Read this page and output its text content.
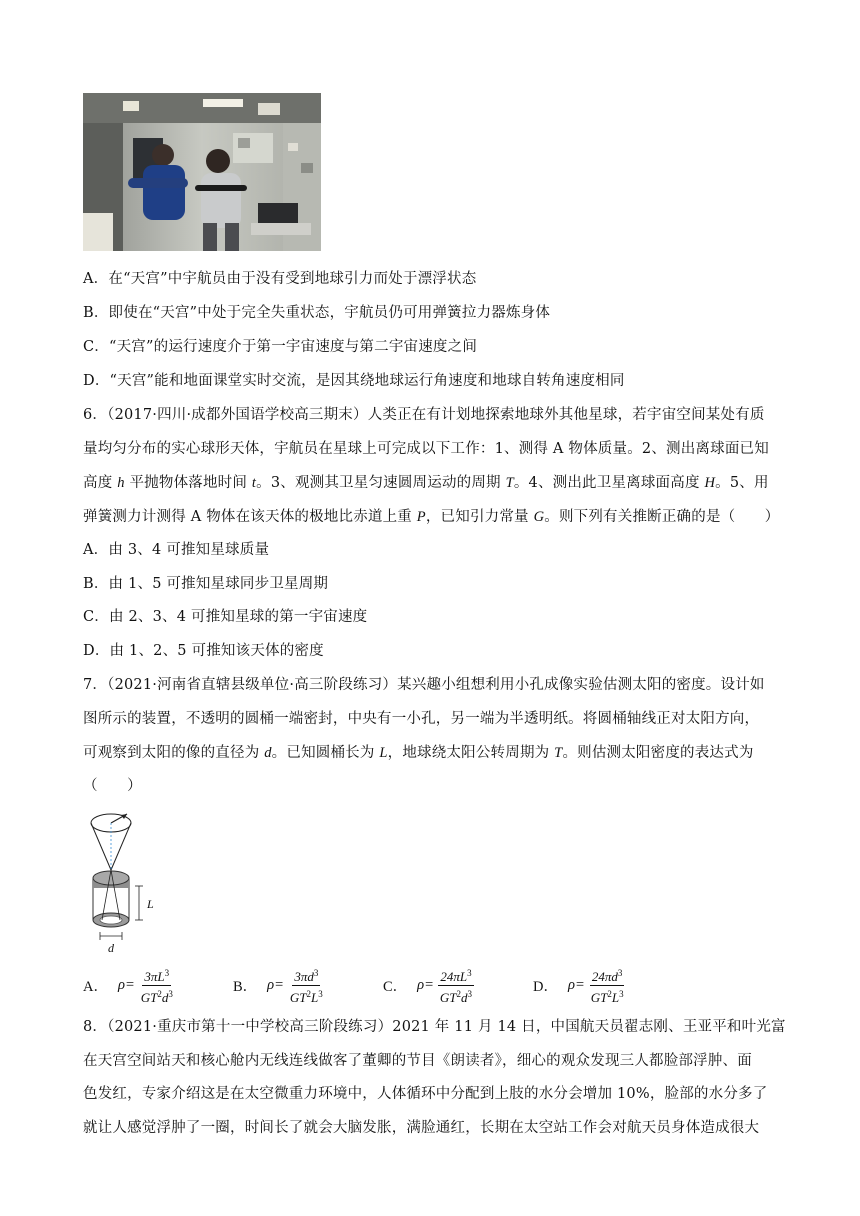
A．在“天宫”中宇航员由于没有受到地球引力而处于漂浮状态
B．即使在“天宫”中处于完全失重状态，宇航员仍可用弹簧拉力器炼身体
C．“天宫”的运行速度介于第一宇宙速度与第二宇宙速度之间
D．“天宫”能和地面课堂实时交流，是因其绕地球运行角速度和地球自转角速度相同
6．（2017·四川·成都外国语学校高三期末）人类正在有计划地探索地球外其他星球，若宇宙空间某处有质
量均匀分布的实心球形天体，宇航员在星球上可完成以下工作：1、测得 A 物体质量。2、测出离球面已知
高度 h 平抛物体落地时间 t。3、观测其卫星匀速圆周运动的周期 T。4、测出此卫星离球面高度 H。5、用
弹簧测力计测得 A 物体在该天体的极地比赤道上重 P，已知引力常量 G。则下列有关推断正确的是（　　）
A．由 3、4 可推知星球质量
B．由 1、5 可推知星球同步卫星周期
C．由 2、3、4 可推知星球的第一宇宙速度
D．由 1、2、5 可推知该天体的密度
7．（2021·河南省直辖县级单位·高三阶段练习）某兴趣小组想利用小孔成像实验估测太阳的密度。设计如
图所示的装置，不透明的圆桶一端密封，中央有一小孔，另一端为半透明纸。将圆桶轴线正对太阳方向，
可观察到太阳的像的直径为 d。已知圆桶长为 L，地球绕太阳公转周期为 T。则估测太阳密度的表达式为
（　　）
L
d
A． $\rho= \frac{3\pi L^3}{GT^2d^3}$	B． $\rho= \frac{3\pi d^3}{GT^2L^3}$	C． $\rho= \frac{24\pi L^3}{GT^2d^3}$	D． $\rho= \frac{24\pi d^3}{GT^2L^3}$
8．（2021·重庆市第十一中学校高三阶段练习）2021 年 11 月 14 日，中国航天员翟志刚、王亚平和叶光富
在天宫空间站天和核心舱内无线连线做客了董卿的节目《朗读者》，细心的观众发现三人都脸部浮肿、面
色发红，专家介绍这是在太空微重力环境中，人体循环中分配到上肢的水分会增加 10%，脸部的水分多了
就让人感觉浮肿了一圈，时间长了就会大脑发胀，满脸通红，长期在太空站工作会对航天员身体造成很大
